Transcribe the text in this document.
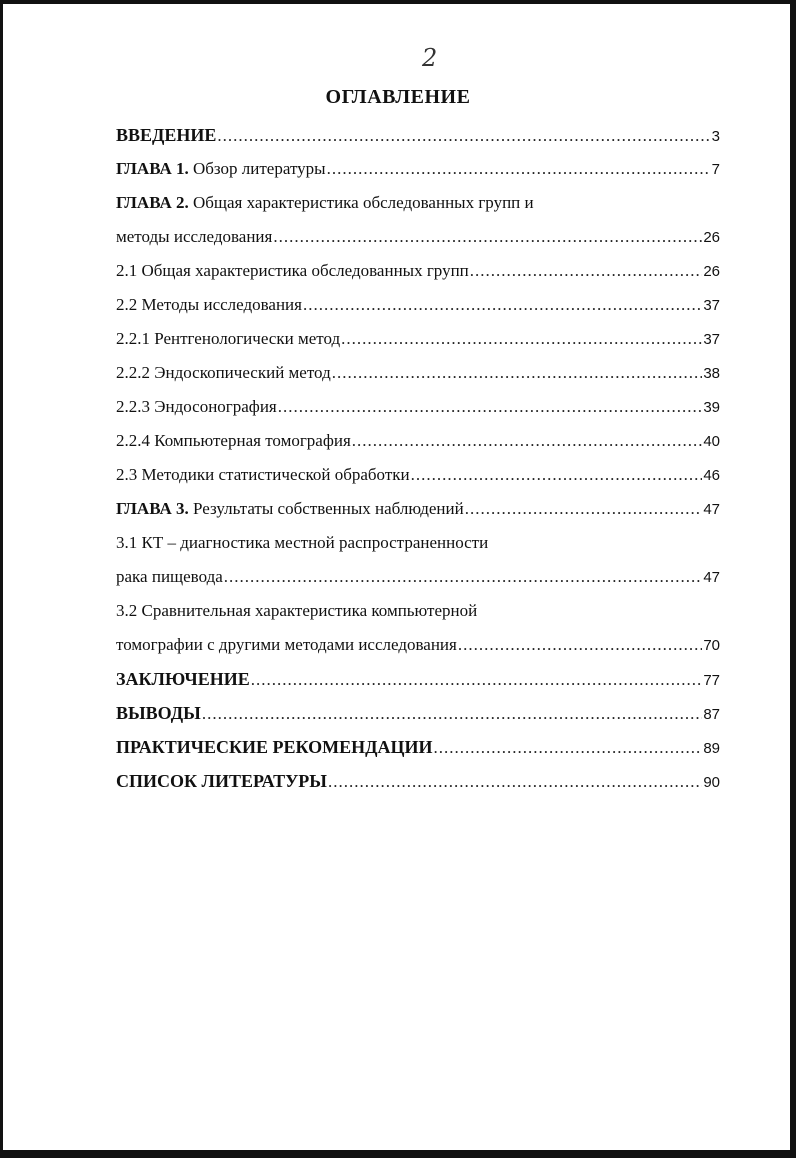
2
ОГЛАВЛЕНИЕ
ВВЕДЕНИЕ .....	3
ГЛАВА 1. Обзор литературы .....	7
ГЛАВА 2. Общая характеристика обследованных групп и
методы исследования .....	26
2.1 Общая характеристика обследованных групп .....	26
2.2 Методы исследования .....	37
2.2.1 Рентгенологически метод .....	37
2.2.2 Эндоскопический метод .....	38
2.2.3 Эндосонография .....	39
2.2.4 Компьютерная томография .....	40
2.3 Методики статистической обработки .....	46
ГЛАВА 3. Результаты собственных наблюдений .....	47
3.1 КТ – диагностика местной распространенности
рака пищевода .....	47
3.2 Сравнительная характеристика компьютерной
томографии с другими методами исследования .....	70
ЗАКЛЮЧЕНИЕ .....	77
ВЫВОДЫ .....	87
ПРАКТИЧЕСКИЕ РЕКОМЕНДАЦИИ .....	89
СПИСОК ЛИТЕРАТУРЫ .....	90
